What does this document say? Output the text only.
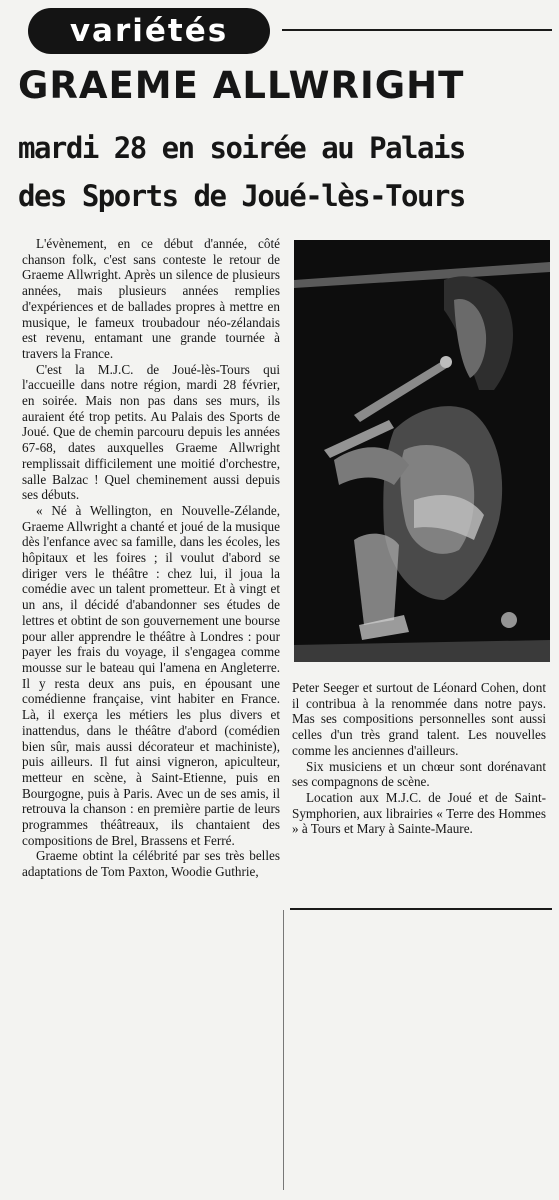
variétés
GRAEME ALLWRIGHT
mardi 28 en soirée au Palais
des Sports de Joué-lès-Tours

L'évènement, en ce début d'année, côté chanson folk, c'est sans conteste le retour de Graeme Allwright. Après un silence de plusieurs années, mais plusieurs années remplies d'expériences et de ballades propres à mettre en musique, le fameux troubadour néo-zélandais est revenu, entamant une grande tournée à travers la France.

C'est la M.J.C. de Joué-lès-Tours qui l'accueille dans notre région, mardi 28 février, en soirée. Mais non pas dans ses murs, ils auraient été trop petits. Au Palais des Sports de Joué. Que de chemin parcouru depuis les années 67-68, dates auxquelles Graeme Allwright remplissait difficilement une moitié d'orchestre, salle Balzac ! Quel cheminement aussi depuis ses débuts.

« Né à Wellington, en Nouvelle-Zélande, Graeme Allwright a chanté et joué de la musique dès l'enfance avec sa famille, dans les écoles, les hôpitaux et les foires ; il voulut d'abord se diriger vers le théâtre : chez lui, il joua la comédie avec un talent prometteur. Et à vingt et un ans, il décidé d'abandonner ses études de lettres et obtint de son gouvernement une bourse pour aller apprendre le théâtre à Londres : pour payer les frais du voyage, il s'engagea comme mousse sur le bateau qui l'amena en Angleterre. Il y resta deux ans puis, en épousant une comédienne française, vint habiter en France. Là, il exerça les métiers les plus divers et inattendus, dans le théâtre d'abord (comédien bien sûr, mais aussi décorateur et machiniste), puis ailleurs. Il fut ainsi vigneron, apiculteur, metteur en scène, à Saint-Etienne, puis en Bourgogne, puis à Paris. Avec un de ses amis, il retrouva la chanson : en première partie de leurs programmes théâtreaux, ils chantaient des compositions de Brel, Brassens et Ferré.

Graeme obtint la célébrité par ses très belles adaptations de Tom Paxton, Woodie Guthrie,

Peter Seeger et surtout de Léonard Cohen, dont il contribua à la renommée dans notre pays. Mas ses compositions personnelles sont aussi celles d'un très grand talent. Les nouvelles comme les anciennes d'ailleurs.

Six musiciens et un chœur sont dorénavant ses compagnons de scène.

Location aux M.J.C. de Joué et de Saint-Symphorien, aux librairies « Terre des Hommes » à Tours et Mary à Sainte-Maure.
